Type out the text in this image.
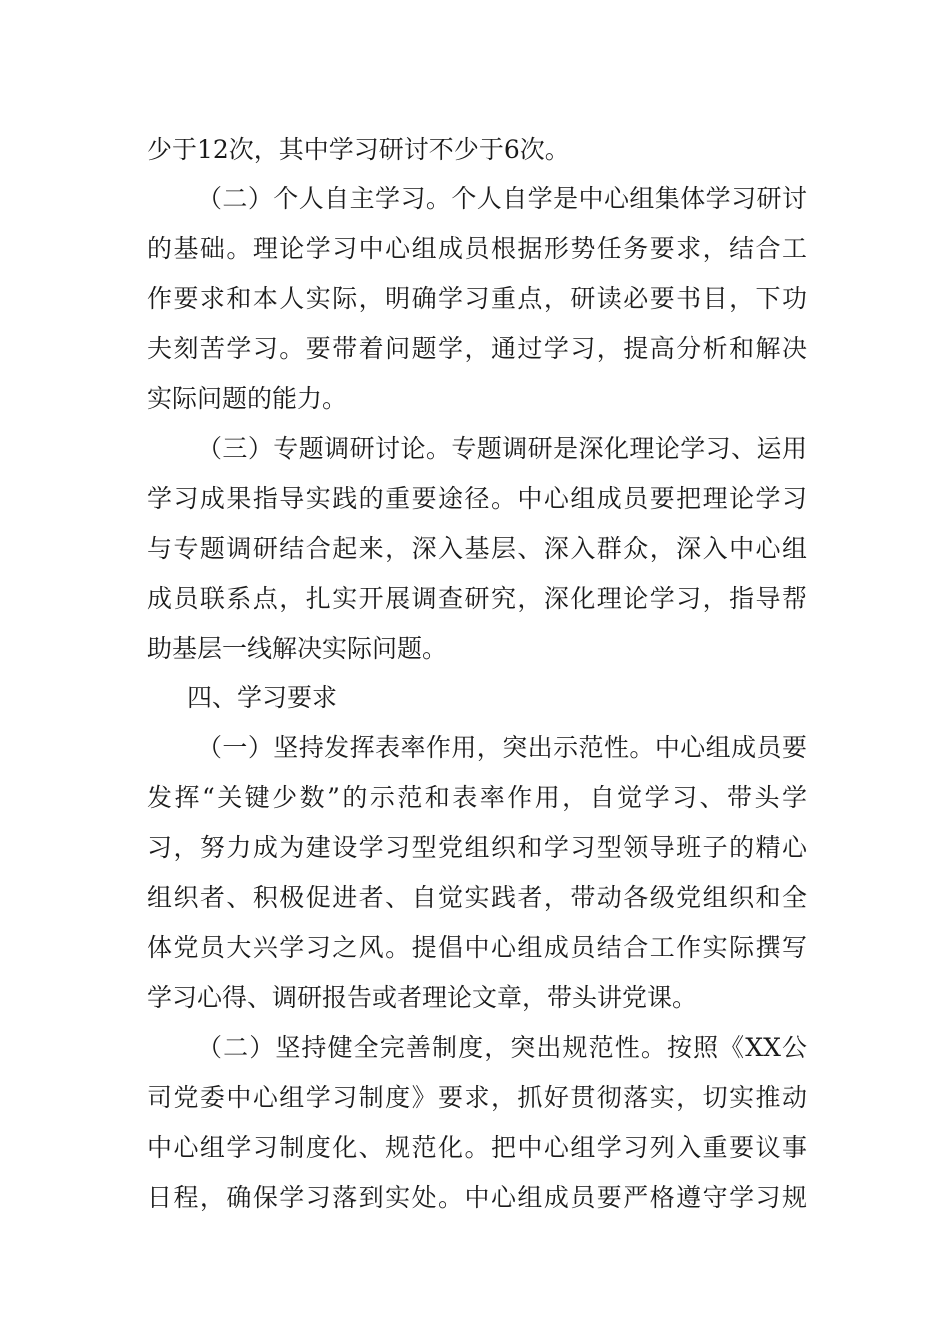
少于12次，其中学习研讨不少于6次。
（二）个人自主学习。个人自学是中心组集体学习研讨
的基础。理论学习中心组成员根据形势任务要求，结合工
作要求和本人实际，明确学习重点，研读必要书目，下功
夫刻苦学习。要带着问题学，通过学习，提高分析和解决
实际问题的能力。
（三）专题调研讨论。专题调研是深化理论学习、运用
学习成果指导实践的重要途径。中心组成员要把理论学习
与专题调研结合起来，深入基层、深入群众，深入中心组
成员联系点，扎实开展调查研究，深化理论学习，指导帮
助基层一线解决实际问题。
四、学习要求
（一）坚持发挥表率作用，突出示范性。中心组成员要
发挥“关键少数”的示范和表率作用，自觉学习、带头学
习，努力成为建设学习型党组织和学习型领导班子的精心
组织者、积极促进者、自觉实践者，带动各级党组织和全
体党员大兴学习之风。提倡中心组成员结合工作实际撰写
学习心得、调研报告或者理论文章，带头讲党课。
（二）坚持健全完善制度，突出规范性。按照《XX公
司党委中心组学习制度》要求，抓好贯彻落实，切实推动
中心组学习制度化、规范化。把中心组学习列入重要议事
日程，确保学习落到实处。中心组成员要严格遵守学习规
